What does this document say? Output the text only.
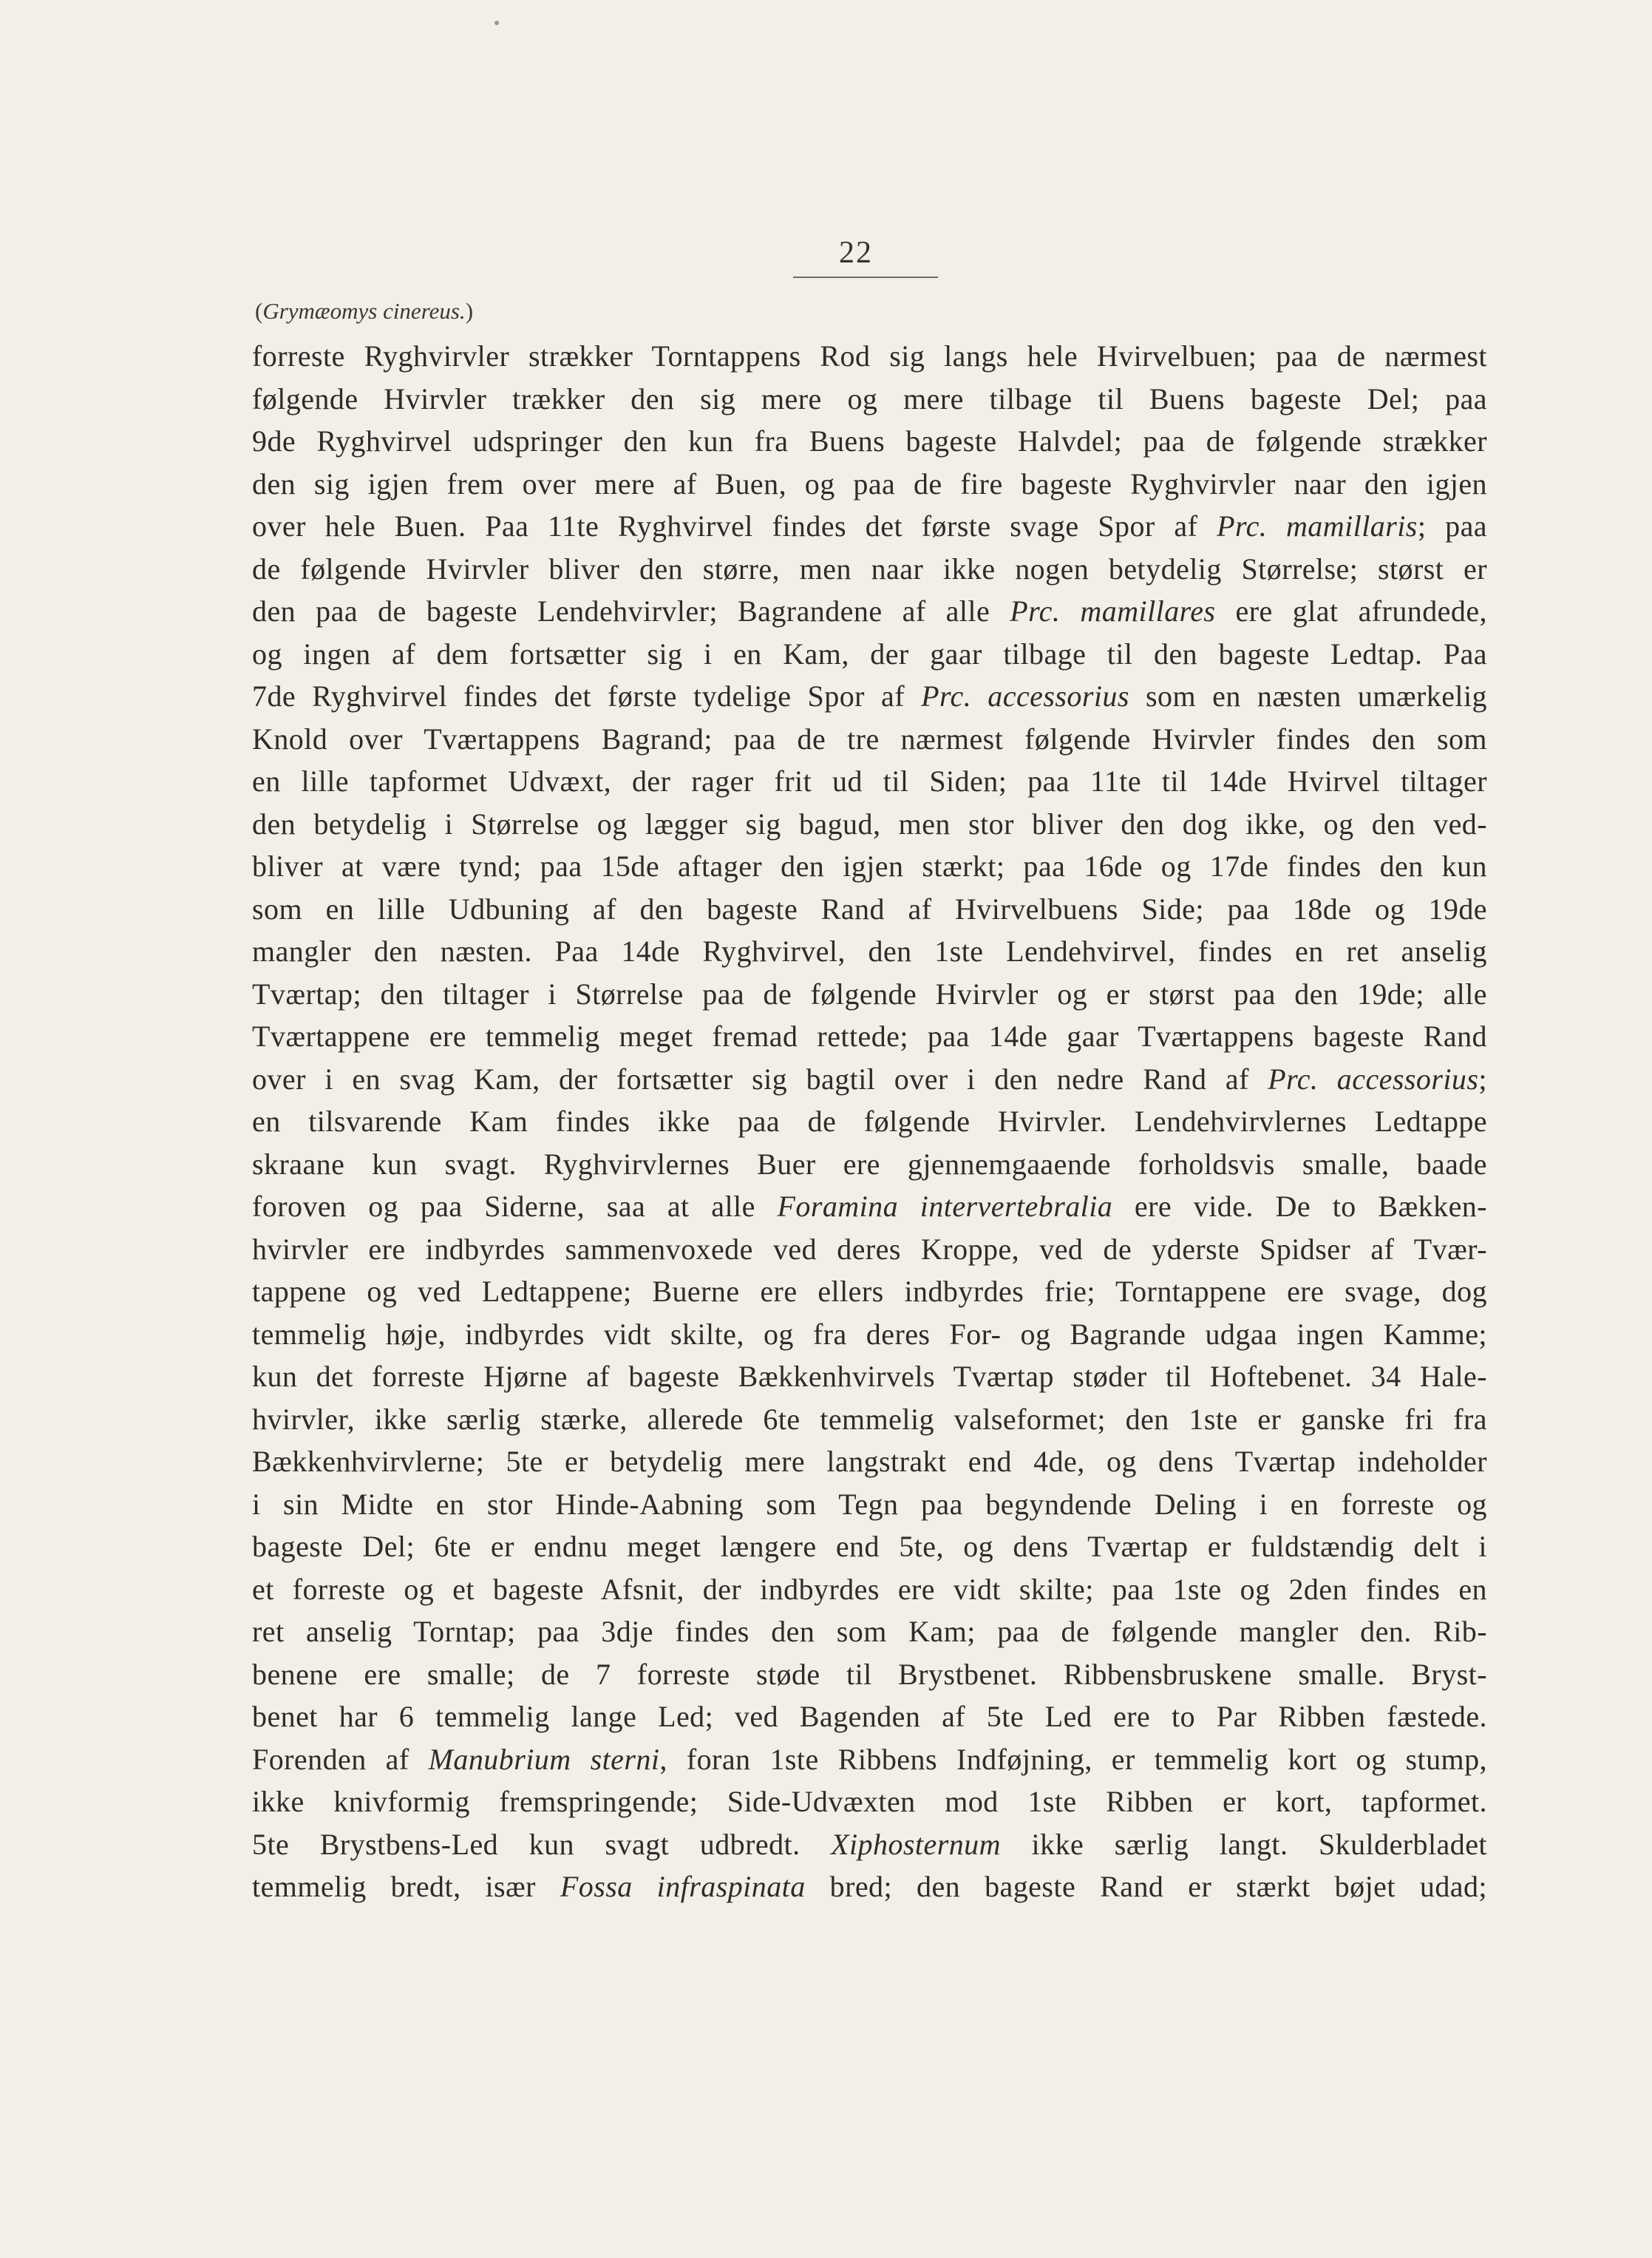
22
(Grymæomys cinereus.)
forreste Ryghvirvler strækker Torntappens Rod sig langs hele Hvirvelbuen; paa de nærmest
følgende Hvirvler trækker den sig mere og mere tilbage til Buens bageste Del; paa
9de Ryghvirvel udspringer den kun fra Buens bageste Halvdel; paa de følgende strækker
den sig igjen frem over mere af Buen, og paa de fire bageste Ryghvirvler naar den igjen
over hele Buen. Paa 11te Ryghvirvel findes det første svage Spor af Prc. mamillaris; paa
de følgende Hvirvler bliver den større, men naar ikke nogen betydelig Størrelse; størst er
den paa de bageste Lendehvirvler; Bagrandene af alle Prc. mamillares ere glat afrundede,
og ingen af dem fortsætter sig i en Kam, der gaar tilbage til den bageste Ledtap. Paa
7de Ryghvirvel findes det første tydelige Spor af Prc. accessorius som en næsten umærkelig
Knold over Tværtappens Bagrand; paa de tre nærmest følgende Hvirvler findes den som
en lille tapformet Udvæxt, der rager frit ud til Siden; paa 11te til 14de Hvirvel tiltager
den betydelig i Størrelse og lægger sig bagud, men stor bliver den dog ikke, og den ved-
bliver at være tynd; paa 15de aftager den igjen stærkt; paa 16de og 17de findes den kun
som en lille Udbuning af den bageste Rand af Hvirvelbuens Side; paa 18de og 19de
mangler den næsten. Paa 14de Ryghvirvel, den 1ste Lendehvirvel, findes en ret anselig
Tværtap; den tiltager i Størrelse paa de følgende Hvirvler og er størst paa den 19de; alle
Tværtappene ere temmelig meget fremad rettede; paa 14de gaar Tværtappens bageste Rand
over i en svag Kam, der fortsætter sig bagtil over i den nedre Rand af Prc. accessorius;
en tilsvarende Kam findes ikke paa de følgende Hvirvler. Lendehvirvlernes Ledtappe
skraane kun svagt. Ryghvirvlernes Buer ere gjennemgaaende forholdsvis smalle, baade
foroven og paa Siderne, saa at alle Foramina intervertebralia ere vide. De to Bækken-
hvirvler ere indbyrdes sammenvoxede ved deres Kroppe, ved de yderste Spidser af Tvær-
tappene og ved Ledtappene; Buerne ere ellers indbyrdes frie; Torntappene ere svage, dog
temmelig høje, indbyrdes vidt skilte, og fra deres For- og Bagrande udgaa ingen Kamme;
kun det forreste Hjørne af bageste Bækkenhvirvels Tværtap støder til Hoftebenet. 34 Hale-
hvirvler, ikke særlig stærke, allerede 6te temmelig valseformet; den 1ste er ganske fri fra
Bækkenhvirvlerne; 5te er betydelig mere langstrakt end 4de, og dens Tværtap indeholder
i sin Midte en stor Hinde-Aabning som Tegn paa begyndende Deling i en forreste og
bageste Del; 6te er endnu meget længere end 5te, og dens Tværtap er fuldstændig delt i
et forreste og et bageste Afsnit, der indbyrdes ere vidt skilte; paa 1ste og 2den findes en
ret anselig Torntap; paa 3dje findes den som Kam; paa de følgende mangler den. Rib-
benene ere smalle; de 7 forreste støde til Brystbenet. Ribbensbruskene smalle. Bryst-
benet har 6 temmelig lange Led; ved Bagenden af 5te Led ere to Par Ribben fæstede.
Forenden af Manubrium sterni, foran 1ste Ribbens Indføjning, er temmelig kort og stump,
ikke knivformig fremspringende; Side-Udvæxten mod 1ste Ribben er kort, tapformet.
5te Brystbens-Led kun svagt udbredt. Xiphosternum ikke særlig langt. Skulderbladet
temmelig bredt, især Fossa infraspinata bred; den bageste Rand er stærkt bøjet udad;
